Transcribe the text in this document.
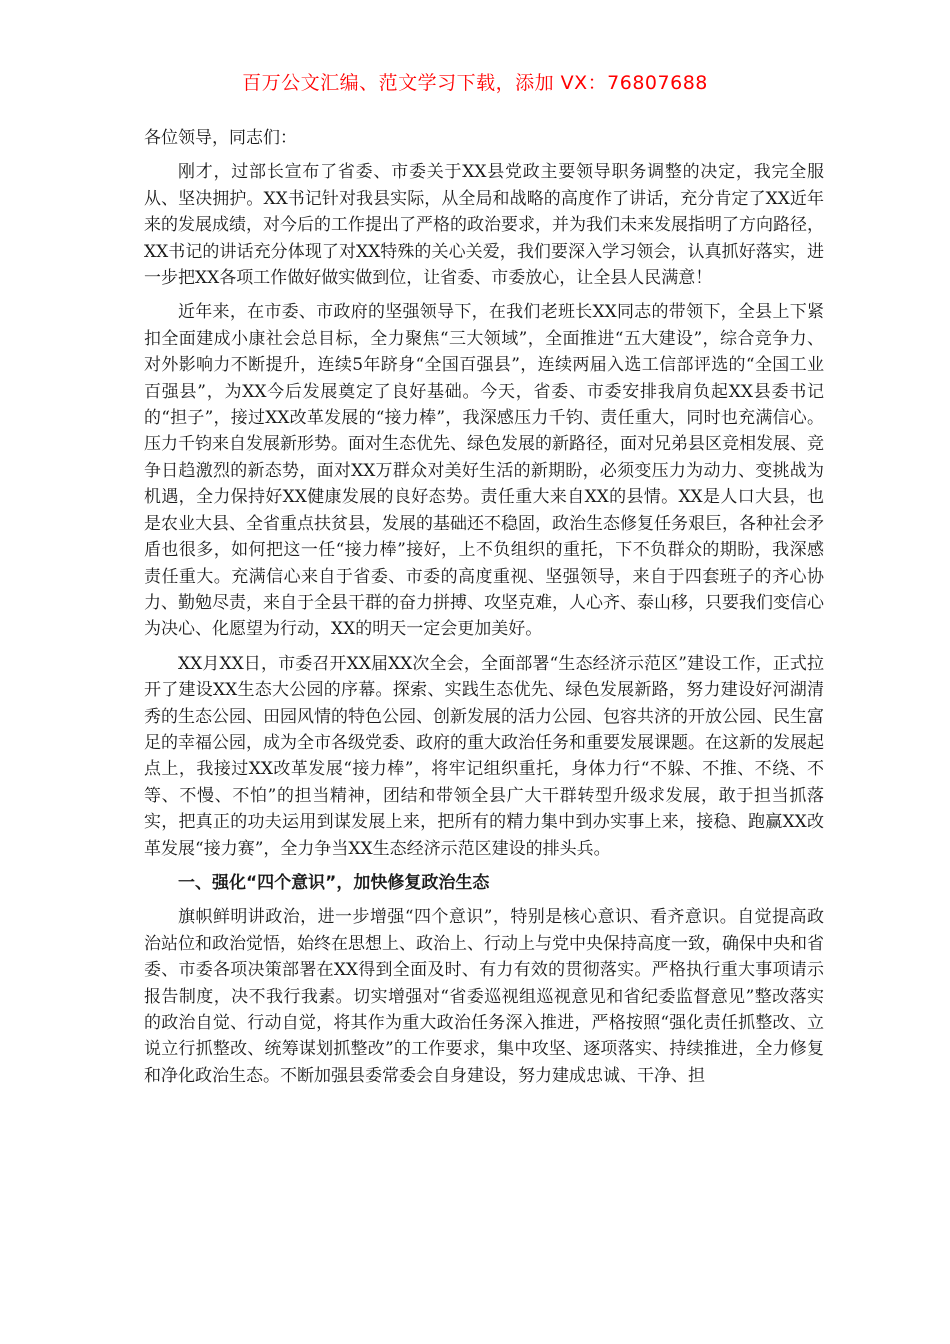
百万公文汇编、范文学习下载，添加 VX：76807688

各位领导，同志们：

刚才，过部长宣布了省委、市委关于XX县党政主要领导职务调整的决定，我完全服从、坚决拥护。XX书记针对我县实际，从全局和战略的高度作了讲话，充分肯定了XX近年来的发展成绩，对今后的工作提出了严格的政治要求，并为我们未来发展指明了方向路径，XX书记的讲话充分体现了对XX特殊的关心关爱，我们要深入学习领会，认真抓好落实，进一步把XX各项工作做好做实做到位，让省委、市委放心，让全县人民满意！

近年来，在市委、市政府的坚强领导下，在我们老班长XX同志的带领下，全县上下紧扣全面建成小康社会总目标，全力聚焦“三大领域”，全面推进“五大建设”，综合竞争力、对外影响力不断提升，连续5年跻身“全国百强县”，连续两届入选工信部评选的“全国工业百强县”，为XX今后发展奠定了良好基础。今天，省委、市委安排我肩负起XX县委书记的“担子”，接过XX改革发展的“接力棒”，我深感压力千钧、责任重大，同时也充满信心。压力千钧来自发展新形势。面对生态优先、绿色发展的新路径，面对兄弟县区竞相发展、竞争日趋激烈的新态势，面对XX万群众对美好生活的新期盼，必须变压力为动力、变挑战为机遇，全力保持好XX健康发展的良好态势。责任重大来自XX的县情。XX是人口大县，也是农业大县、全省重点扶贫县，发展的基础还不稳固，政治生态修复任务艰巨，各种社会矛盾也很多，如何把这一任“接力棒”接好，上不负组织的重托，下不负群众的期盼，我深感责任重大。充满信心来自于省委、市委的高度重视、坚强领导，来自于四套班子的齐心协力、勤勉尽责，来自于全县干群的奋力拼搏、攻坚克难，人心齐、泰山移，只要我们变信心为决心、化愿望为行动，XX的明天一定会更加美好。

XX月XX日，市委召开XX届XX次全会，全面部署“生态经济示范区”建设工作，正式拉开了建设XX生态大公园的序幕。探索、实践生态优先、绿色发展新路，努力建设好河湖清秀的生态公园、田园风情的特色公园、创新发展的活力公园、包容共济的开放公园、民生富足的幸福公园，成为全市各级党委、政府的重大政治任务和重要发展课题。在这新的发展起点上，我接过XX改革发展“接力棒”，将牢记组织重托，身体力行“不躲、不推、不绕、不等、不慢、不怕”的担当精神，团结和带领全县广大干群转型升级求发展，敢于担当抓落实，把真正的功夫运用到谋发展上来，把所有的精力集中到办实事上来，接稳、跑赢XX改革发展“接力赛”，全力争当XX生态经济示范区建设的排头兵。

一、强化“四个意识”，加快修复政治生态

旗帜鲜明讲政治，进一步增强“四个意识”，特别是核心意识、看齐意识。自觉提高政治站位和政治觉悟，始终在思想上、政治上、行动上与党中央保持高度一致，确保中央和省委、市委各项决策部署在XX得到全面及时、有力有效的贯彻落实。严格执行重大事项请示报告制度，决不我行我素。切实增强对“省委巡视组巡视意见和省纪委监督意见”整改落实的政治自觉、行动自觉，将其作为重大政治任务深入推进，严格按照“强化责任抓整改、立说立行抓整改、统筹谋划抓整改”的工作要求，集中攻坚、逐项落实、持续推进，全力修复和净化政治生态。不断加强县委常委会自身建设，努力建成忠诚、干净、担
